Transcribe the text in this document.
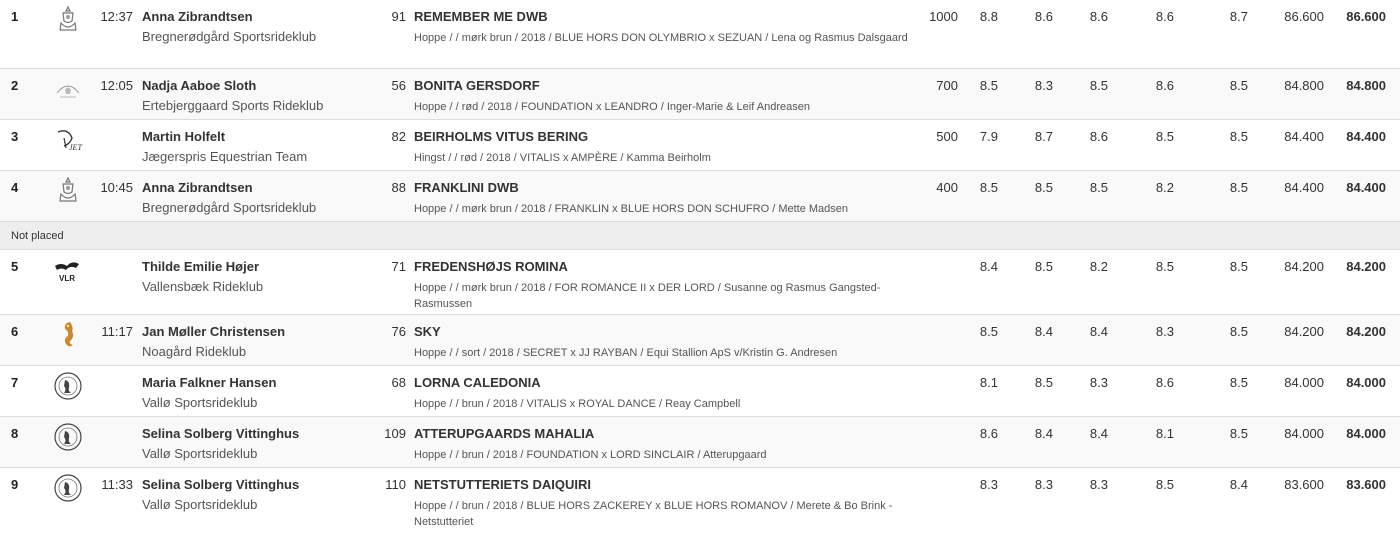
1	12:37 Anna Zibrandtsen
Bregnerødgård Sportsrideklub
91 REMEMBER ME DWB
Hoppe / / mørk brun / 2018 / BLUE HORS DON OLYMBRIO x SEZUAN / Lena og Rasmus Dalsgaard
1000	8.8	8.6	8.6	8.6	8.7	86.600	86.600
2	12:05 Nadja Aaboe Sloth
Ertebjerggaard Sports Rideklub
56 BONITA GERSDORF
Hoppe / / rød / 2018 / FOUNDATION x LEANDRO / Inger-Marie & Leif Andreasen
700	8.5	8.3	8.5	8.6	8.5	84.800	84.800
3
JET
Martin Holfelt
Jægerspris Equestrian Team
82 BEIRHOLMS VITUS BERING
Hingst / / rød / 2018 / VITALIS x AMPÈRE / Kamma Beirholm
500	7.9	8.7	8.6	8.5	8.5	84.400	84.400
4	10:45 Anna Zibrandtsen
Bregnerødgård Sportsrideklub
88 FRANKLINI DWB
Hoppe / / mørk brun / 2018 / FRANKLIN x BLUE HORS DON SCHUFRO / Mette Madsen
400	8.5	8.5	8.5	8.2	8.5	84.400	84.400
Not placed
5
VLR
Thilde Emilie Højer
Vallensbæk Rideklub
71 FREDENSHØJS ROMINA
Hoppe / / mørk brun / 2018 / FOR ROMANCE II x DER LORD / Susanne og Rasmus Gangsted-Rasmussen
8.4	8.5	8.2	8.5	8.5	84.200	84.200
6	11:17 Jan Møller Christensen
Noagård Rideklub
76 SKY
Hoppe / / sort / 2018 / SECRET x JJ RAYBAN / Equi Stallion ApS v/Kristin G. Andresen
8.5	8.4	8.4	8.3	8.5	84.200	84.200
7	Maria Falkner Hansen
Vallø Sportsrideklub
68 LORNA CALEDONIA
Hoppe / / brun / 2018 / VITALIS x ROYAL DANCE / Reay Campbell
8.1	8.5	8.3	8.6	8.5	84.000	84.000
8	Selina Solberg Vittinghus
Vallø Sportsrideklub
109 ATTERUPGAARDS MAHALIA
Hoppe / / brun / 2018 / FOUNDATION x LORD SINCLAIR / Atterupgaard
8.6	8.4	8.4	8.1	8.5	84.000	84.000
9	11:33 Selina Solberg Vittinghus
Vallø Sportsrideklub
110 NETSTUTTERIETS DAIQUIRI
Hoppe / / brun / 2018 / BLUE HORS ZACKEREY x BLUE HORS ROMANOV / Merete & Bo Brink - Netstutteriet
8.3	8.3	8.3	8.5	8.4	83.600	83.600
